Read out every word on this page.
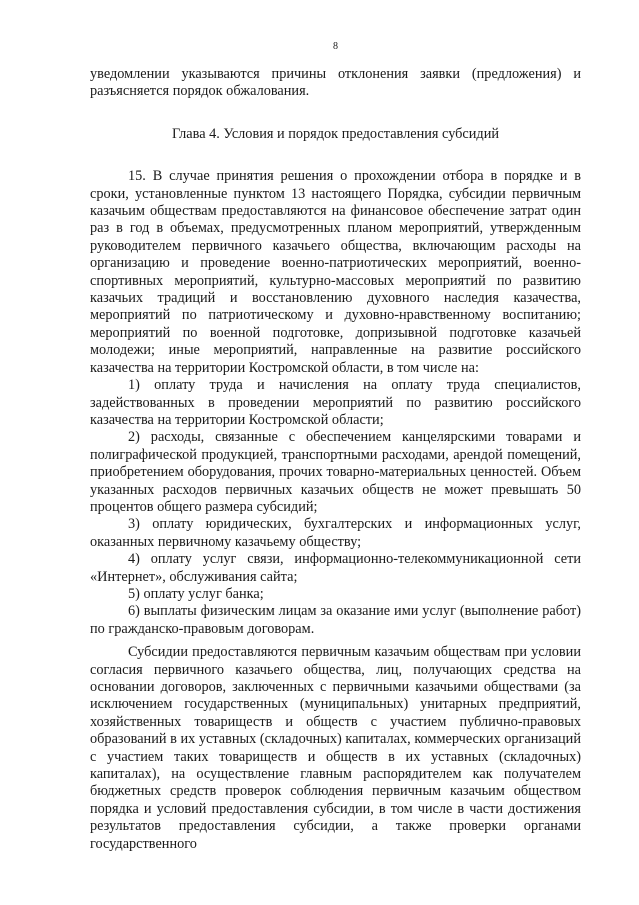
8

уведомлении указываются причины отклонения заявки (предложения) и разъясняется порядок обжалования.

Глава 4. Условия и порядок предоставления субсидий

15. В случае принятия решения о прохождении отбора в порядке и в сроки, установленные пунктом 13 настоящего Порядка, субсидии первичным казачьим обществам предоставляются на финансовое обеспечение затрат один раз в год в объемах, предусмотренных планом мероприятий, утвержденным руководителем первичного казачьего общества, включающим расходы на организацию и проведение военно-патриотических мероприятий, военно-спортивных мероприятий, культурно-массовых мероприятий по развитию казачьих традиций и восстановлению духовного наследия казачества, мероприятий по патриотическому и духовно-нравственному воспитанию; мероприятий по военной подготовке, допризывной подготовке казачьей молодежи; иные мероприятий, направленные на развитие российского казачества на территории Костромской области, в том числе на:

1) оплату труда и начисления на оплату труда специалистов, задействованных в проведении мероприятий по развитию российского казачества на территории Костромской области;

2) расходы, связанные с обеспечением канцелярскими товарами и полиграфической продукцией, транспортными расходами, арендой помещений, приобретением оборудования, прочих товарно-материальных ценностей. Объем указанных расходов первичных казачьих обществ не может превышать 50 процентов общего размера субсидий;

3) оплату юридических, бухгалтерских и информационных услуг, оказанных первичному казачьему обществу;

4) оплату услуг связи, информационно-телекоммуникационной сети «Интернет», обслуживания сайта;

5) оплату услуг банка;

6) выплаты физическим лицам за оказание ими услуг (выполнение работ) по гражданско-правовым договорам.

Субсидии предоставляются первичным казачьим обществам при условии согласия первичного казачьего общества, лиц, получающих средства на основании договоров, заключенных с первичными казачьими обществами (за исключением государственных (муниципальных) унитарных предприятий, хозяйственных товариществ и обществ с участием публично-правовых образований в их уставных (складочных) капиталах, коммерческих организаций с участием таких товариществ и обществ в их уставных (складочных) капиталах), на осуществление главным распорядителем как получателем бюджетных средств проверок соблюдения первичным казачьим обществом порядка и условий предоставления субсидии, в том числе в части достижения результатов предоставления субсидии, а также проверки органами государственного
